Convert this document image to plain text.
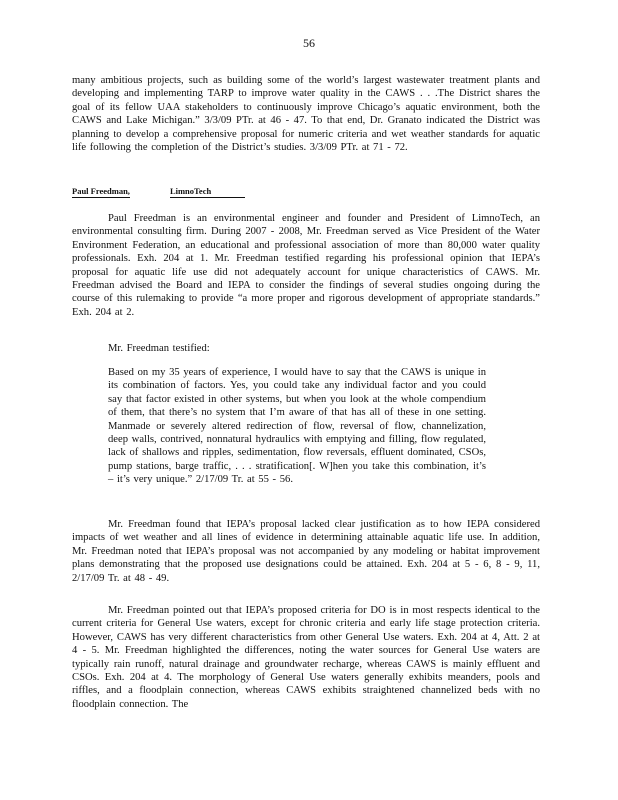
56

many ambitious projects, such as building some of the world’s largest wastewater treatment plants and developing and implementing TARP to improve water quality in the CAWS . . .The District shares the goal of its fellow UAA stakeholders to continuously improve Chicago’s aquatic environment, both the CAWS and Lake Michigan.” 3/3/09 PTr. at 46 - 47. To that end, Dr. Granato indicated the District was planning to develop a comprehensive proposal for numeric criteria and wet weather standards for aquatic life following the completion of the District’s studies. 3/3/09 PTr. at 71 - 72.

Paul Freedman,	LimnoTech

Paul Freedman is an environmental engineer and founder and President of LimnoTech, an environmental consulting firm. During 2007 - 2008, Mr. Freedman served as Vice President of the Water Environment Federation, an educational and professional association of more than 80,000 water quality professionals. Exh. 204 at 1. Mr. Freedman testified regarding his professional opinion that IEPA’s proposal for aquatic life use did not adequately account for unique characteristics of CAWS. Mr. Freedman advised the Board and IEPA to consider the findings of several studies ongoing during the course of this rulemaking to provide “a more proper and rigorous development of appropriate standards.” Exh. 204 at 2.

Mr. Freedman testified:

Based on my 35 years of experience, I would have to say that the CAWS is unique in its combination of factors. Yes, you could take any individual factor and you could say that factor existed in other systems, but when you look at the whole compendium of them, that there’s no system that I’m aware of that has all of these in one setting. Manmade or severely altered redirection of flow, reversal of flow, channelization, deep walls, contrived, nonnatural hydraulics with emptying and filling, flow regulated, lack of shallows and ripples, sedimentation, flow reversals, effluent dominated, CSOs, pump stations, barge traffic, . . . stratification[. W]hen you take this combination, it’s – it’s very unique.” 2/17/09 Tr. at 55 - 56.

Mr. Freedman found that IEPA’s proposal lacked clear justification as to how IEPA considered impacts of wet weather and all lines of evidence in determining attainable aquatic life use. In addition, Mr. Freedman noted that IEPA’s proposal was not accompanied by any modeling or habitat improvement plans demonstrating that the proposed use designations could be attained. Exh. 204 at 5 - 6, 8 - 9, 11, 2/17/09 Tr. at 48 - 49.

Mr. Freedman pointed out that IEPA’s proposed criteria for DO is in most respects identical to the current criteria for General Use waters, except for chronic criteria and early life stage protection criteria. However, CAWS has very different characteristics from other General Use waters. Exh. 204 at 4, Att. 2 at 4 - 5. Mr. Freedman highlighted the differences, noting the water sources for General Use waters are typically rain runoff, natural drainage and groundwater recharge, whereas CAWS is mainly effluent and CSOs. Exh. 204 at 4. The morphology of General Use waters generally exhibits meanders, pools and riffles, and a floodplain connection, whereas CAWS exhibits straightened channelized beds with no floodplain connection. The
